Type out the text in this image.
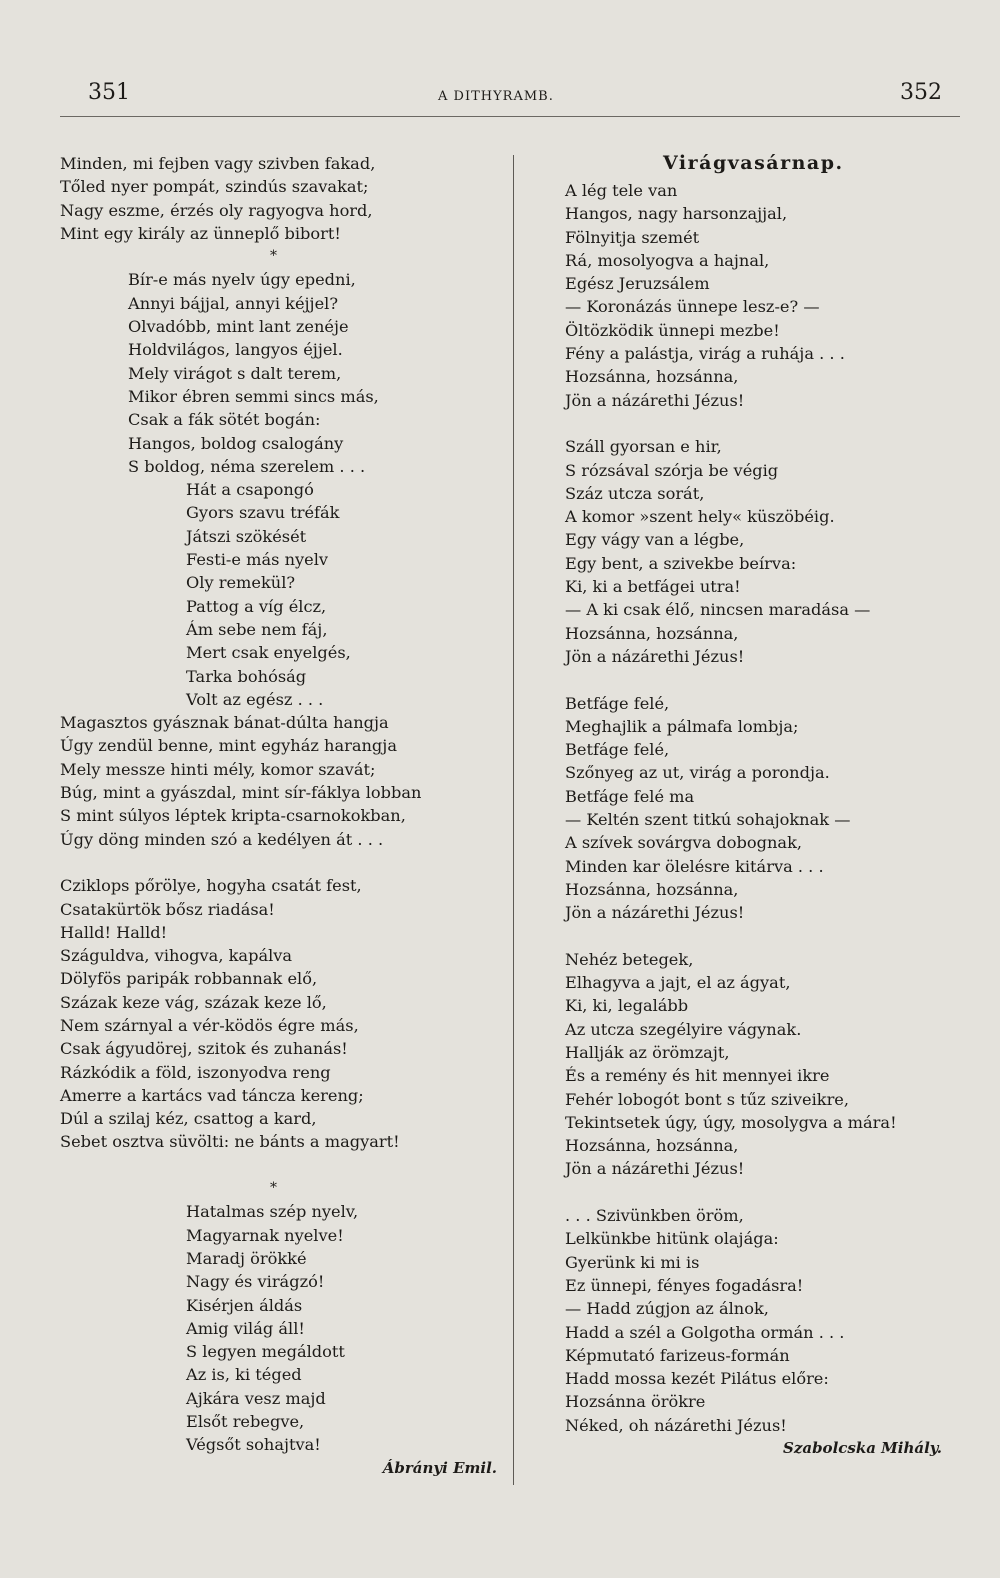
351	A DITHYRAMB.	352
Minden, mi fejben vagy szivben fakad,
Tőled nyer pompát, szindús szavakat;
Nagy eszme, érzés oly ragyogva hord,
Mint egy király az ünneplő bibort!
*
Bír-e más nyelv úgy epedni,
Annyi bájjal, annyi kéjjel?
Olvadóbb, mint lant zenéje
Holdvilágos, langyos éjjel.
Mely virágot s dalt terem,
Mikor ébren semmi sincs más,
Csak a fák sötét bogán:
Hangos, boldog csalogány
S boldog, néma szerelem . . .
Hát a csapongó
Gyors szavu tréfák
Játszi szökését
Festi-e más nyelv
Oly remekül?
Pattog a víg élcz,
Ám sebe nem fáj,
Mert csak enyelgés,
Tarka bohóság
Volt az egész . . .
Magasztos gyásznak bánat-dúlta hangja
Úgy zendül benne, mint egyház harangja
Mely messze hinti mély, komor szavát;
Búg, mint a gyászdal, mint sír-fáklya lobban
S mint súlyos léptek kripta-csarnokokban,
Úgy döng minden szó a kedélyen át . . .
Cziklops pőrölye, hogyha csatát fest,
Csatakürtök bősz riadása!
Halld! Halld!
Száguldva, vihogva, kapálva
Dölyfös paripák robbannak elő,
Százak keze vág, százak keze lő,
Nem szárnyal a vér-ködös égre más,
Csak ágyudörej, szitok és zuhanás!
Rázkódik a föld, iszonyodva reng
Amerre a kartács vad táncza kereng;
Dúl a szilaj kéz, csattog a kard,
Sebet osztva süvölti: ne bánts a magyart!
*
Hatalmas szép nyelv,
Magyarnak nyelve!
Maradj örökké
Nagy és virágzó!
Kisérjen áldás
Amig világ áll!
S legyen megáldott
Az is, ki téged
Ajkára vesz majd
Elsőt rebegve,
Végsőt sohajtva!
Ábrányi Emil.
Virágvasárnap.
A lég tele van
Hangos, nagy harsonzajjal,
Fölnyitja szemét
Rá, mosolyogva a hajnal,
Egész Jeruzsálem
— Koronázás ünnepe lesz-e? —
Öltözködik ünnepi mezbe!
Fény a palástja, virág a ruhája . . .
Hozsánna, hozsánna,
Jön a názárethi Jézus!
Száll gyorsan e hir,
S rózsával szórja be végig
Száz utcza sorát,
A komor »szent hely« küszöbéig.
Egy vágy van a légbe,
Egy bent, a szivekbe beírva:
Ki, ki a betfágei utra!
— A ki csak élő, nincsen maradása —
Hozsánna, hozsánna,
Jön a názárethi Jézus!
Betfáge felé,
Meghajlik a pálmafa lombja;
Betfáge felé,
Szőnyeg az ut, virág a porondja.
Betfáge felé ma
— Keltén szent titkú sohajoknak —
A szívek sovárgva dobognak,
Minden kar ölelésre kitárva . . .
Hozsánna, hozsánna,
Jön a názárethi Jézus!
Nehéz betegek,
Elhagyva a jajt, el az ágyat,
Ki, ki, legalább
Az utcza szegélyire vágynak.
Hallják az örömzajt,
És a remény és hit mennyei ikre
Fehér lobogót bont s tűz sziveikre,
Tekintsetek úgy, úgy, mosolygva a mára!
Hozsánna, hozsánna,
Jön a názárethi Jézus!
. . . Szivünkben öröm,
Lelkünkbe hitünk olajága:
Gyerünk ki mi is
Ez ünnepi, fényes fogadásra!
— Hadd zúgjon az álnok,
Hadd a szél a Golgotha ormán . . .
Képmutató farizeus-formán
Hadd mossa kezét Pilátus előre:
Hozsánna örökre
Néked, oh názárethi Jézus!
Szabolcska Mihály.
